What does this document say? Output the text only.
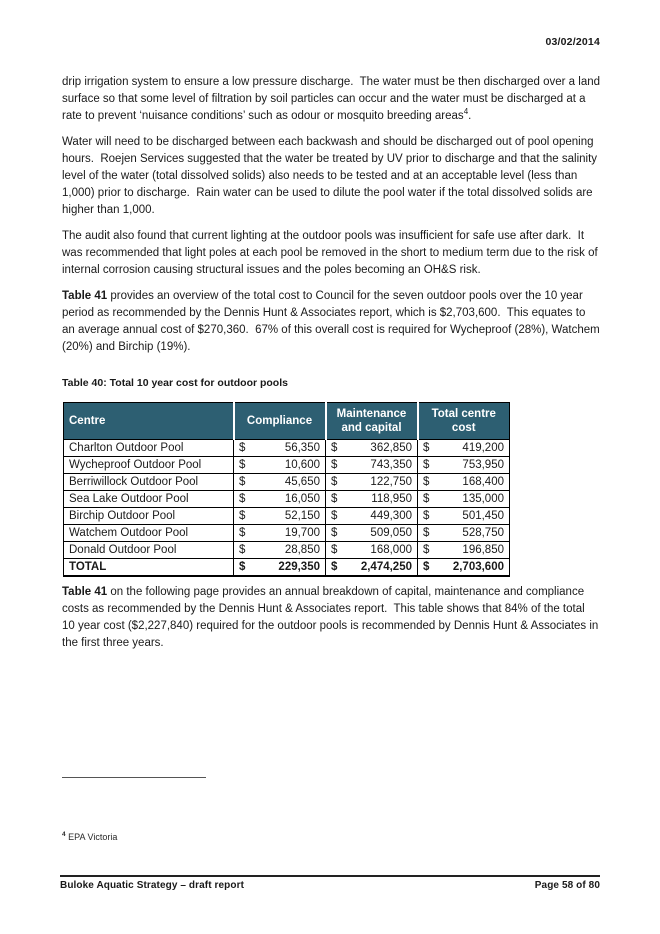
03/02/2014

drip irrigation system to ensure a low pressure discharge.  The water must be then discharged over a land surface so that some level of filtration by soil particles can occur and the water must be discharged at a rate to prevent ‘nuisance conditions’ such as odour or mosquito breeding areas$^4$.

Water will need to be discharged between each backwash and should be discharged out of pool opening hours.  Roejen Services suggested that the water be treated by UV prior to discharge and that the salinity level of the water (total dissolved solids) also needs to be tested and at an acceptable level (less than 1,000) prior to discharge.  Rain water can be used to dilute the pool water if the total dissolved solids are higher than 1,000.

The audit also found that current lighting at the outdoor pools was insufficient for safe use after dark.  It was recommended that light poles at each pool be removed in the short to medium term due to the risk of internal corrosion causing structural issues and the poles becoming an OH&S risk.

Table 41 provides an overview of the total cost to Council for the seven outdoor pools over the 10 year period as recommended by the Dennis Hunt & Associates report, which is $2,703,600.  This equates to an average annual cost of $270,360.  67% of this overall cost is required for Wycheproof (28%), Watchem (20%) and Birchip (19%).

Table 40: Total 10 year cost for outdoor pools
Centre	Compliance	Maintenance and capital	Total centre cost
Charlton Outdoor Pool	$ 56,350	$ 362,850	$ 419,200

Wycheproof Outdoor Pool	$ 10,600	$ 743,350	$ 753,950

Berriwillock Outdoor Pool	$ 45,650	$ 122,750	$ 168,400

Sea Lake Outdoor Pool	$ 16,050	$ 118,950	$ 135,000

Birchip Outdoor Pool	$ 52,150	$ 449,300	$ 501,450

Watchem Outdoor Pool	$ 19,700	$ 509,050	$ 528,750

Donald Outdoor Pool	$ 28,850	$ 168,000	$ 196,850

TOTAL	$ 229,350	$ 2,474,250	$ 2,703,600

Table 41 on the following page provides an annual breakdown of capital, maintenance and compliance costs as recommended by the Dennis Hunt & Associates report.  This table shows that 84% of the total 10 year cost ($2,227,840) required for the outdoor pools is recommended by Dennis Hunt & Associates in the first three years.

$^4$ EPA Victoria
Buloke Aquatic Strategy – draft report	Page 58 of 80
